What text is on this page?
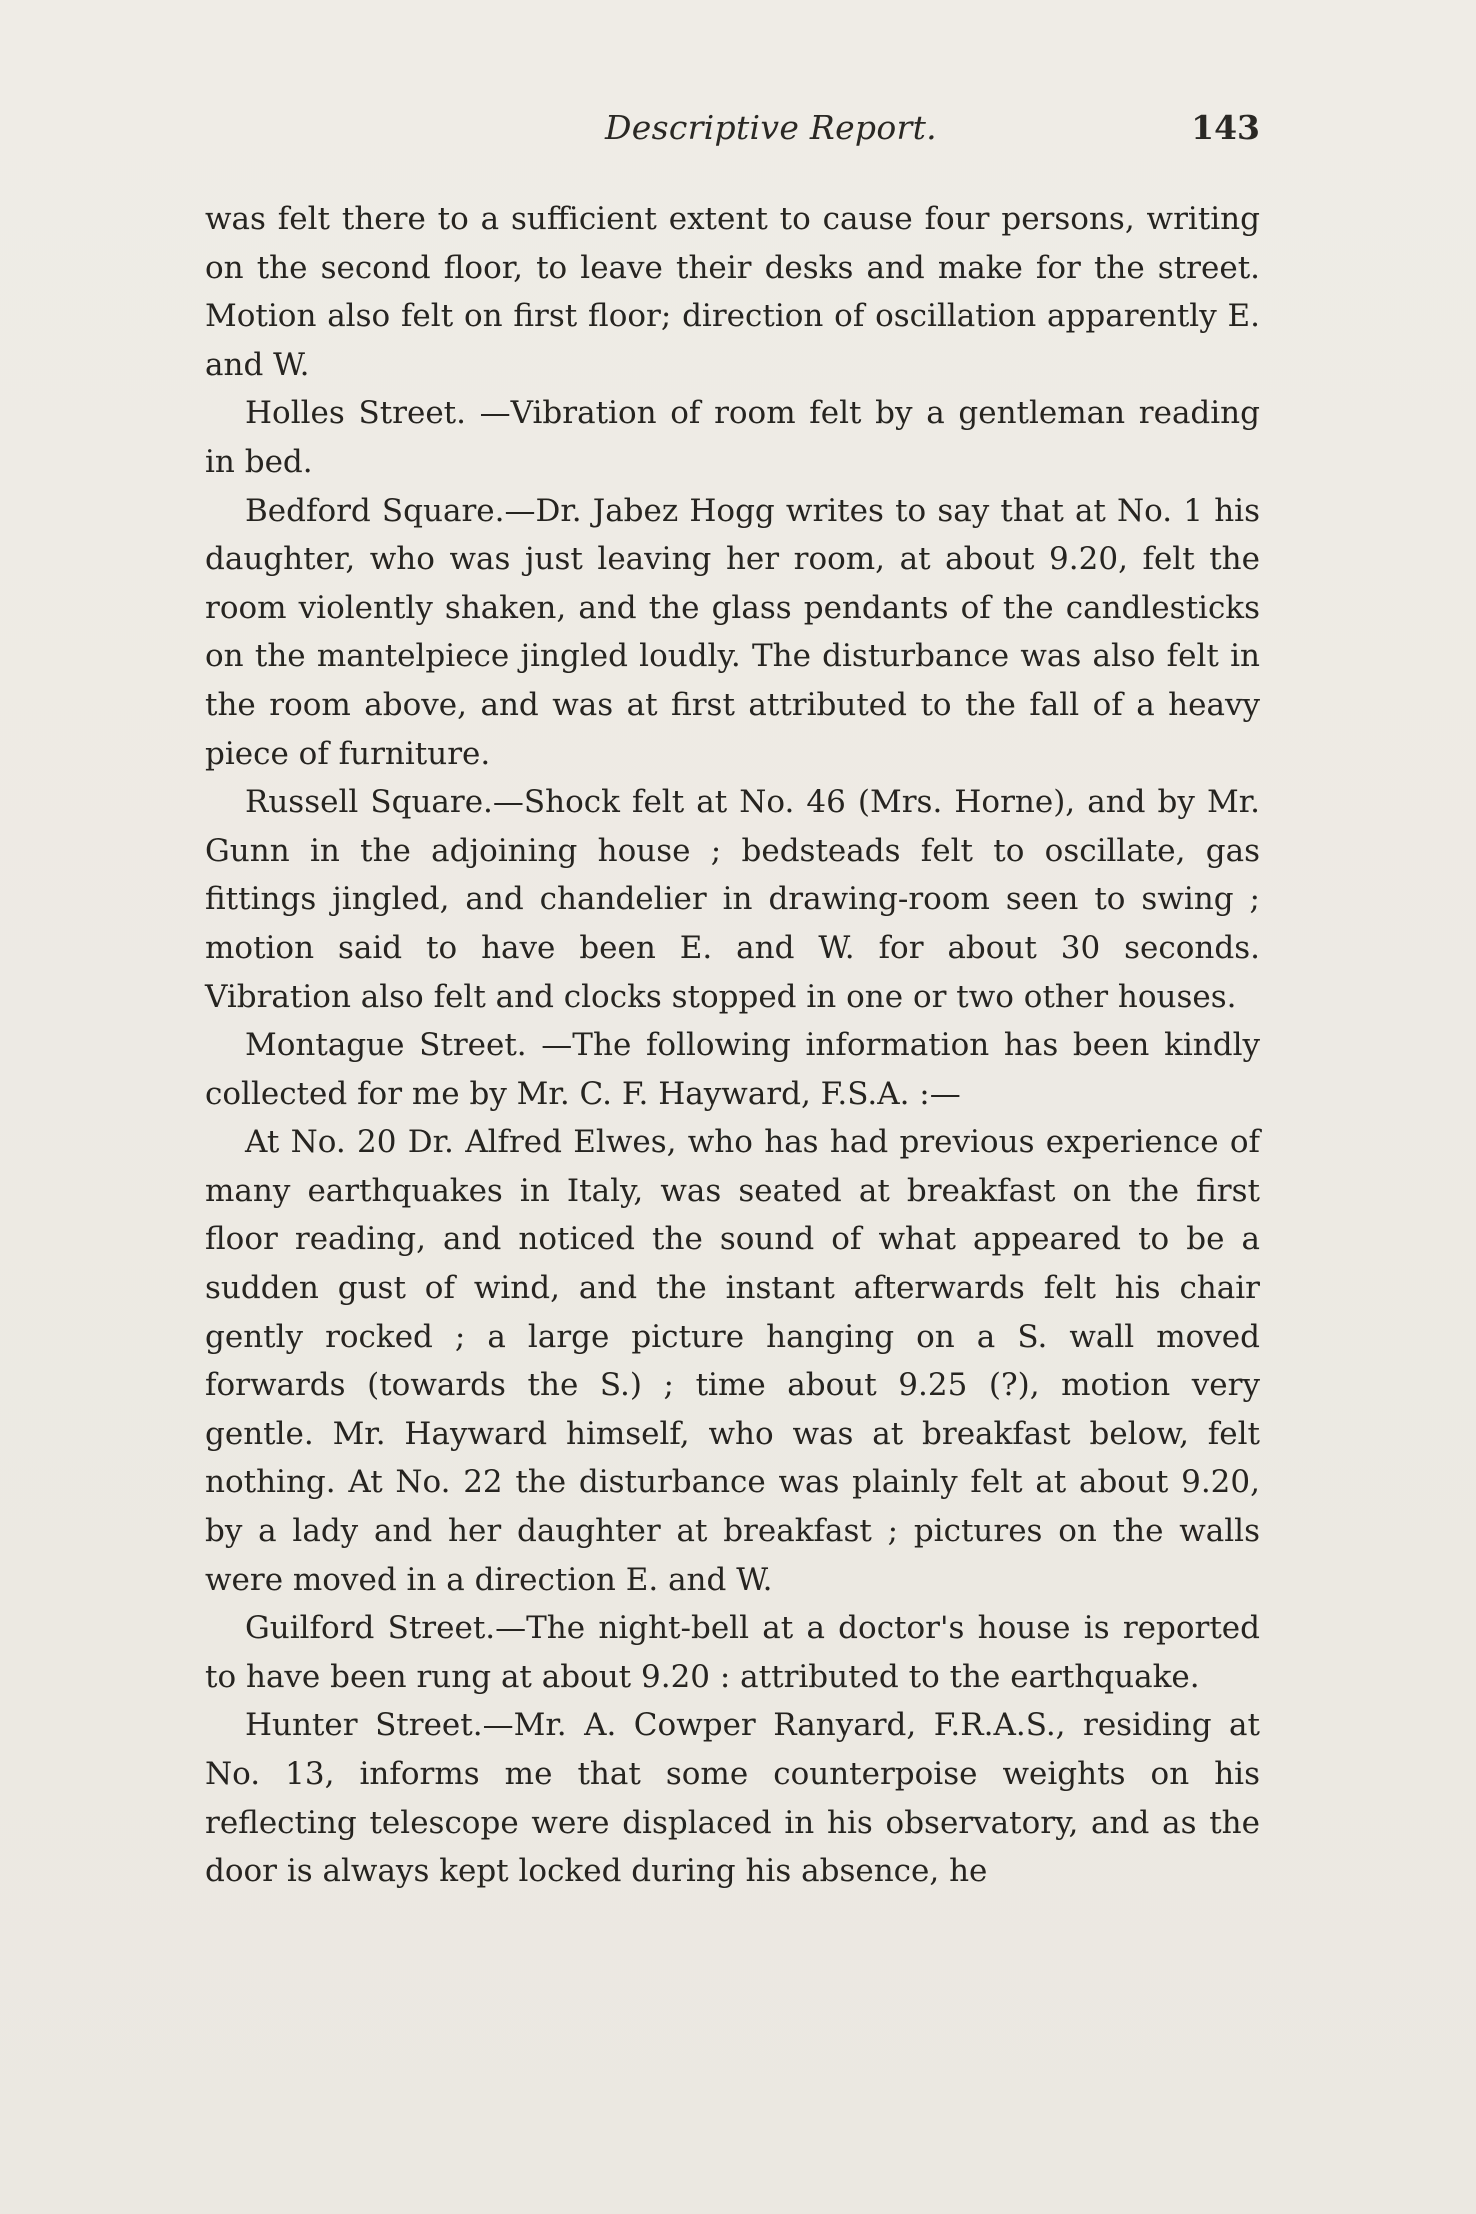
Descriptive Report.	143

was felt there to a sufficient extent to cause four persons, writing on the second floor, to leave their desks and make for the street. Motion also felt on first floor; direction of oscillation apparently E. and W.

Holles Street. —Vibration of room felt by a gentleman reading in bed.

Bedford Square.—Dr. Jabez Hogg writes to say that at No. 1 his daughter, who was just leaving her room, at about 9.20, felt the room violently shaken, and the glass pendants of the candlesticks on the mantelpiece jingled loudly. The disturbance was also felt in the room above, and was at first attributed to the fall of a heavy piece of furniture.

Russell Square.—Shock felt at No. 46 (Mrs. Horne), and by Mr. Gunn in the adjoining house ; bedsteads felt to oscillate, gas fittings jingled, and chandelier in drawing-room seen to swing ; motion said to have been E. and W. for about 30 seconds. Vibration also felt and clocks stopped in one or two other houses.

Montague Street. —The following information has been kindly collected for me by Mr. C. F. Hayward, F.S.A. :—

At No. 20 Dr. Alfred Elwes, who has had previous experience of many earthquakes in Italy, was seated at breakfast on the first floor reading, and noticed the sound of what appeared to be a sudden gust of wind, and the instant afterwards felt his chair gently rocked ; a large picture hanging on a S. wall moved forwards (towards the S.) ; time about 9.25 (?), motion very gentle. Mr. Hayward himself, who was at breakfast below, felt nothing. At No. 22 the disturbance was plainly felt at about 9.20, by a lady and her daughter at breakfast ; pictures on the walls were moved in a direction E. and W.

Guilford Street.—The night-bell at a doctor's house is reported to have been rung at about 9.20 : attributed to the earthquake.

Hunter Street.—Mr. A. Cowper Ranyard, F.R.A.S., residing at No. 13, informs me that some counterpoise weights on his reflecting telescope were displaced in his observatory, and as the door is always kept locked during his absence, he
